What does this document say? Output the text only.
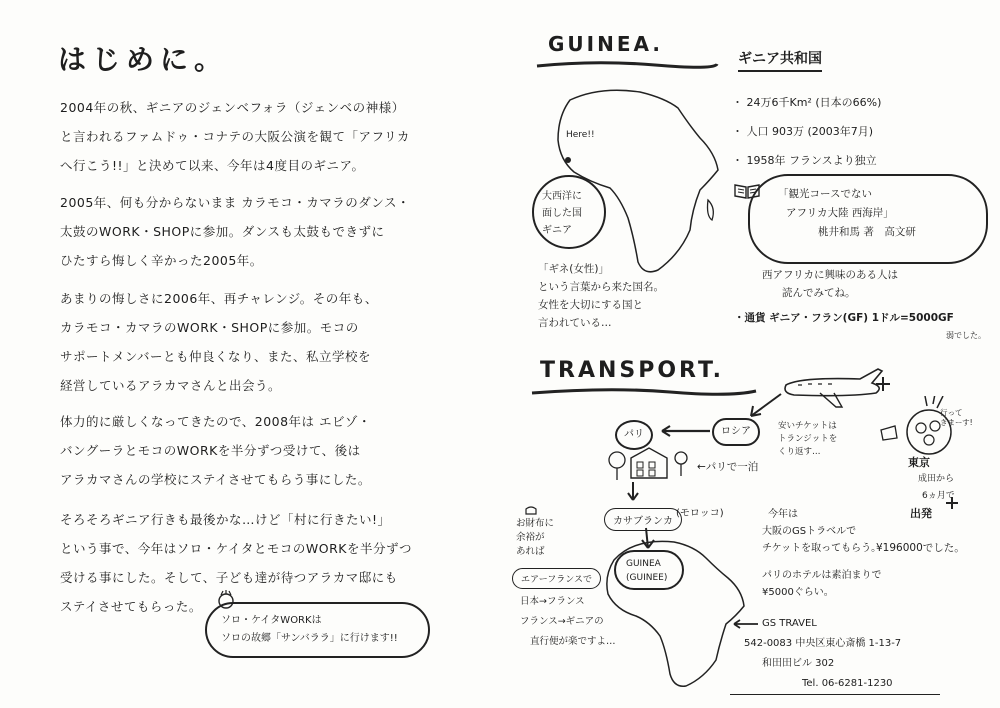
はじめに。
2004年の秋、ギニアのジェンベフォラ（ジェンベの神様）
と言われるファムドゥ・コナテの大阪公演を観て「アフリカ
へ行こう!!」と決めて以来、今年は4度目のギニア。
2005年、何も分からないまま カラモコ・カマラのダンス・
太鼓のWORK・SHOPに参加。ダンスも太鼓もできずに
ひたすら悔しく辛かった2005年。
あまりの悔しさに2006年、再チャレンジ。その年も、
カラモコ・カマラのWORK・SHOPに参加。モコの
サポートメンバーとも仲良くなり、また、私立学校を
経営しているアラカマさんと出会う。
体力的に厳しくなってきたので、2008年は エビゾ・
バングーラとモコのWORKを半分ずつ受けて、後は
アラカマさんの学校にステイさせてもらう事にした。
そろそろギニア行きも最後かな…けど「村に行きたい!」
という事で、今年はソロ・ケイタとモコのWORKを半分ずつ
受ける事にした。そして、子ども達が待つアラカマ邸にも
ステイさせてもらった。
ソロ・ケイタWORKは
ソロの故郷「サンバララ」に行けます!!
GUINEA.
ギニア共和国
Here!!
大西洋に
面した国
ギニア
「ギネ(女性)」
という言葉から来た国名。
女性を大切にする国と
言われている…
・ 24万6千Km² (日本の66%)
・ 人口 903万 (2003年7月)
・ 1958年 フランスより独立
「観光コースでない
アフリカ大陸 西海岸」
桃井和馬 著　高文研
西アフリカに興味のある人は
読んでみてね。
・通貨 ギニア・フラン(GF) 1ドル=5000GF
弱でした。
TRANSPORT.
ロシア
パリ
←パリで一泊
安いチケットは
トランジットを
くり返す…
行って
きまーす!
東京
成田から
6ヵ月で
出発
カサブランカ
(モロッコ)
GUINEA
(GUINEE)
お財布に
余裕が
あれば
エアーフランスで
日本→フランス
フランス→ギニアの
直行便が楽ですよ…
今年は
大阪のGSトラベルで
チケットを取ってもらう。
パリのホテルは素泊まりで
¥5000ぐらい。
¥196000でした。
GS TRAVEL
542-0083 中央区東心斎橋 1-13-7
和田田ビル 302
Tel. 06-6281-1230
